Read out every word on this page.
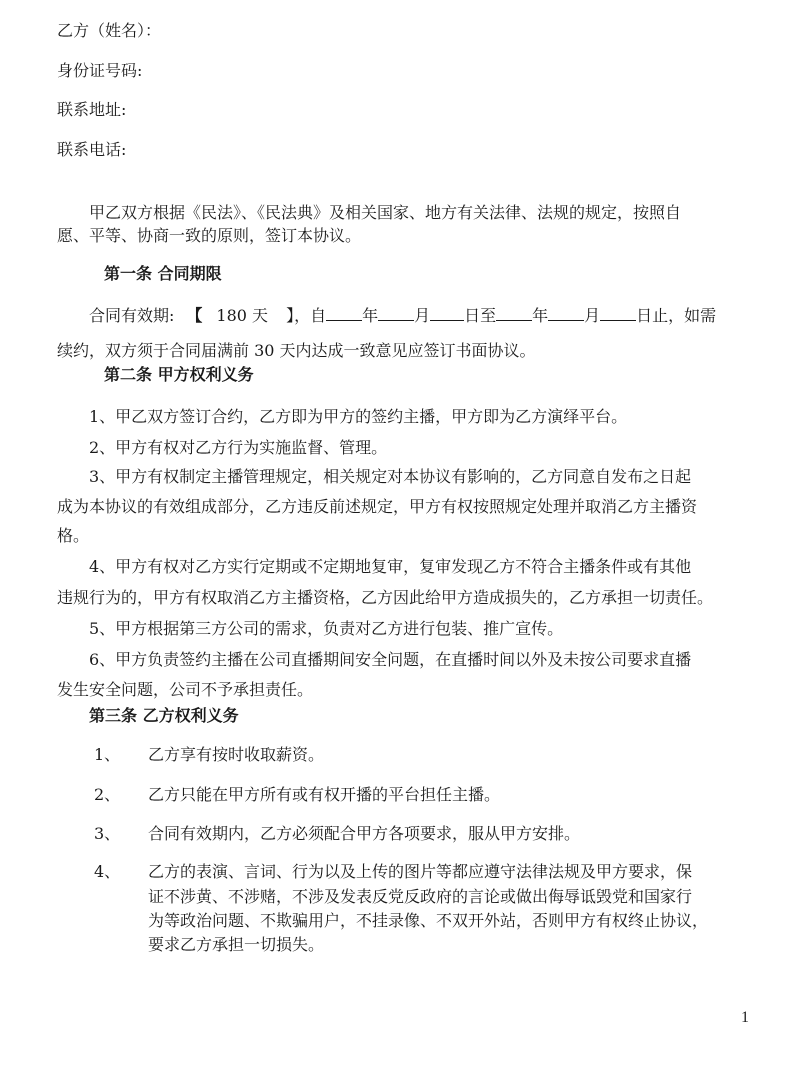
乙方（姓名）：
身份证号码:
联系地址:
联系电话:
甲乙双方根据《民法》、《民法典》及相关国家、地方有关法律、法规的规定，按照自
愿、平等、协商一致的原则，签订本协议。
第一条 合同期限
合同有效期: 【 180 天 】，自 年 月 日至 年 月 日止，如需
续约，双方须于合同届满前 30 天内达成一致意见应签订书面协议。
第二条 甲方权利义务
1、甲乙双方签订合约，乙方即为甲方的签约主播，甲方即为乙方演绎平台。
2、甲方有权对乙方行为实施监督、管理。
3、甲方有权制定主播管理规定，相关规定对本协议有影响的，乙方同意自发布之日起
成为本协议的有效组成部分，乙方违反前述规定，甲方有权按照规定处理并取消乙方主播资
格。
4、甲方有权对乙方实行定期或不定期地复审，复审发现乙方不符合主播条件或有其他
违规行为的，甲方有权取消乙方主播资格，乙方因此给甲方造成损失的，乙方承担一切责任。
5、甲方根据第三方公司的需求，负责对乙方进行包装、推广宣传。
6、甲方负责签约主播在公司直播期间安全问题，在直播时间以外及未按公司要求直播
发生安全问题，公司不予承担责任。
第三条 乙方权利义务
1、 乙方享有按时收取薪资。
2、 乙方只能在甲方所有或有权开播的平台担任主播。
3、 合同有效期内，乙方必须配合甲方各项要求，服从甲方安排。
4、 乙方的表演、言词、行为以及上传的图片等都应遵守法律法规及甲方要求，保
证不涉黄、不涉赌，不涉及发表反党反政府的言论或做出侮辱诋毁党和国家行
为等政治问题、不欺骗用户，不挂录像、不双开外站，否则甲方有权终止协议，
要求乙方承担一切损失。
1
